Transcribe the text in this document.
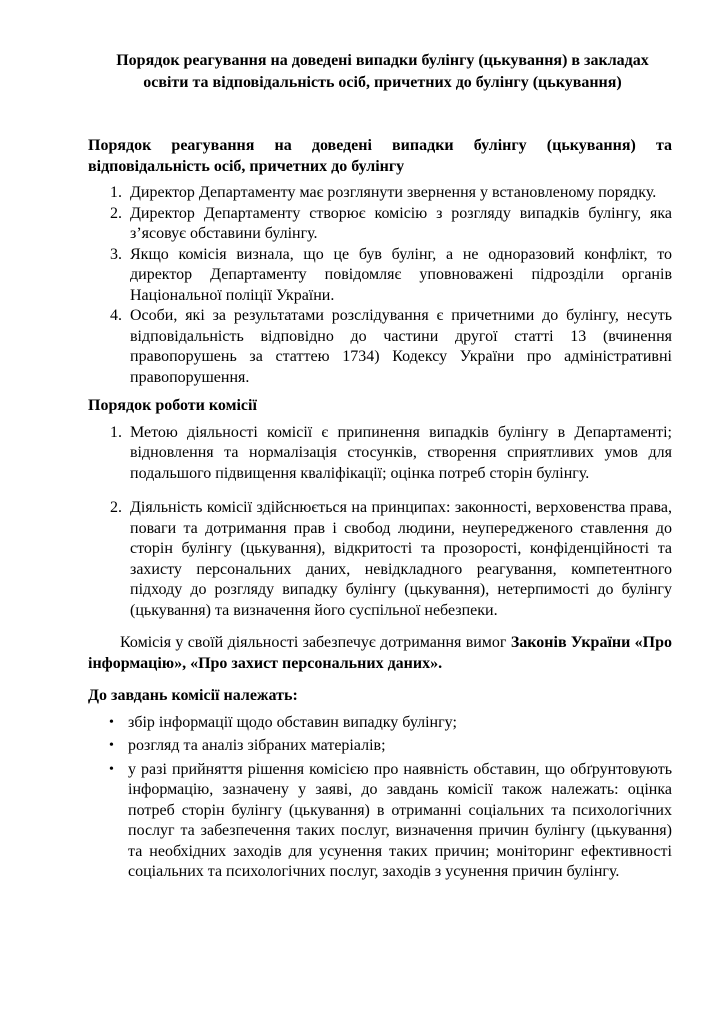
Порядок реагування на доведені випадки булінгу (цькування) в закладах
освіти та відповідальність осіб, причетних до булінгу (цькування)

Порядок реагування на доведені випадки булінгу (цькування) та відповідальність осіб, причетних до булінгу

1. Директор Департаменту має розглянути звернення у встановленому порядку.
2. Директор Департаменту створює комісію з розгляду випадків булінгу, яка з’ясовує обставини булінгу.
3. Якщо комісія визнала, що це був булінг, а не одноразовий конфлікт, то директор Департаменту повідомляє уповноважені підрозділи органів Національної поліції України.
4. Особи, які за результатами розслідування є причетними до булінгу, несуть відповідальність відповідно до частини другої статті 13 (вчинення правопорушень за статтею 1734) Кодексу України про адміністративні правопорушення.

Порядок роботи комісії

1. Метою діяльності комісії є припинення випадків булінгу в Департаменті; відновлення та нормалізація стосунків, створення сприятливих умов для подальшого підвищення кваліфікації; оцінка потреб сторін булінгу.
2. Діяльність комісії здійснюється на принципах: законності, верховенства права, поваги та дотримання прав і свобод людини, неупередженого ставлення до сторін булінгу (цькування), відкритості та прозорості, конфіденційності та захисту персональних даних, невідкладного реагування, компетентного підходу до розгляду випадку булінгу (цькування), нетерпимості до булінгу (цькування) та визначення його суспільної небезпеки.

Комісія у своїй діяльності забезпечує дотримання вимог Законів України «Про інформацію», «Про захист персональних даних».

До завдань комісії належать:

• збір інформації щодо обставин випадку булінгу;
• розгляд та аналіз зібраних матеріалів;
• у разі прийняття рішення комісією про наявність обставин, що обґрунтовують інформацію, зазначену у заяві, до завдань комісії також належать: оцінка потреб сторін булінгу (цькування) в отриманні соціальних та психологічних послуг та забезпечення таких послуг, визначення причин булінгу (цькування) та необхідних заходів для усунення таких причин; моніторинг ефективності соціальних та психологічних послуг, заходів з усунення причин булінгу.
